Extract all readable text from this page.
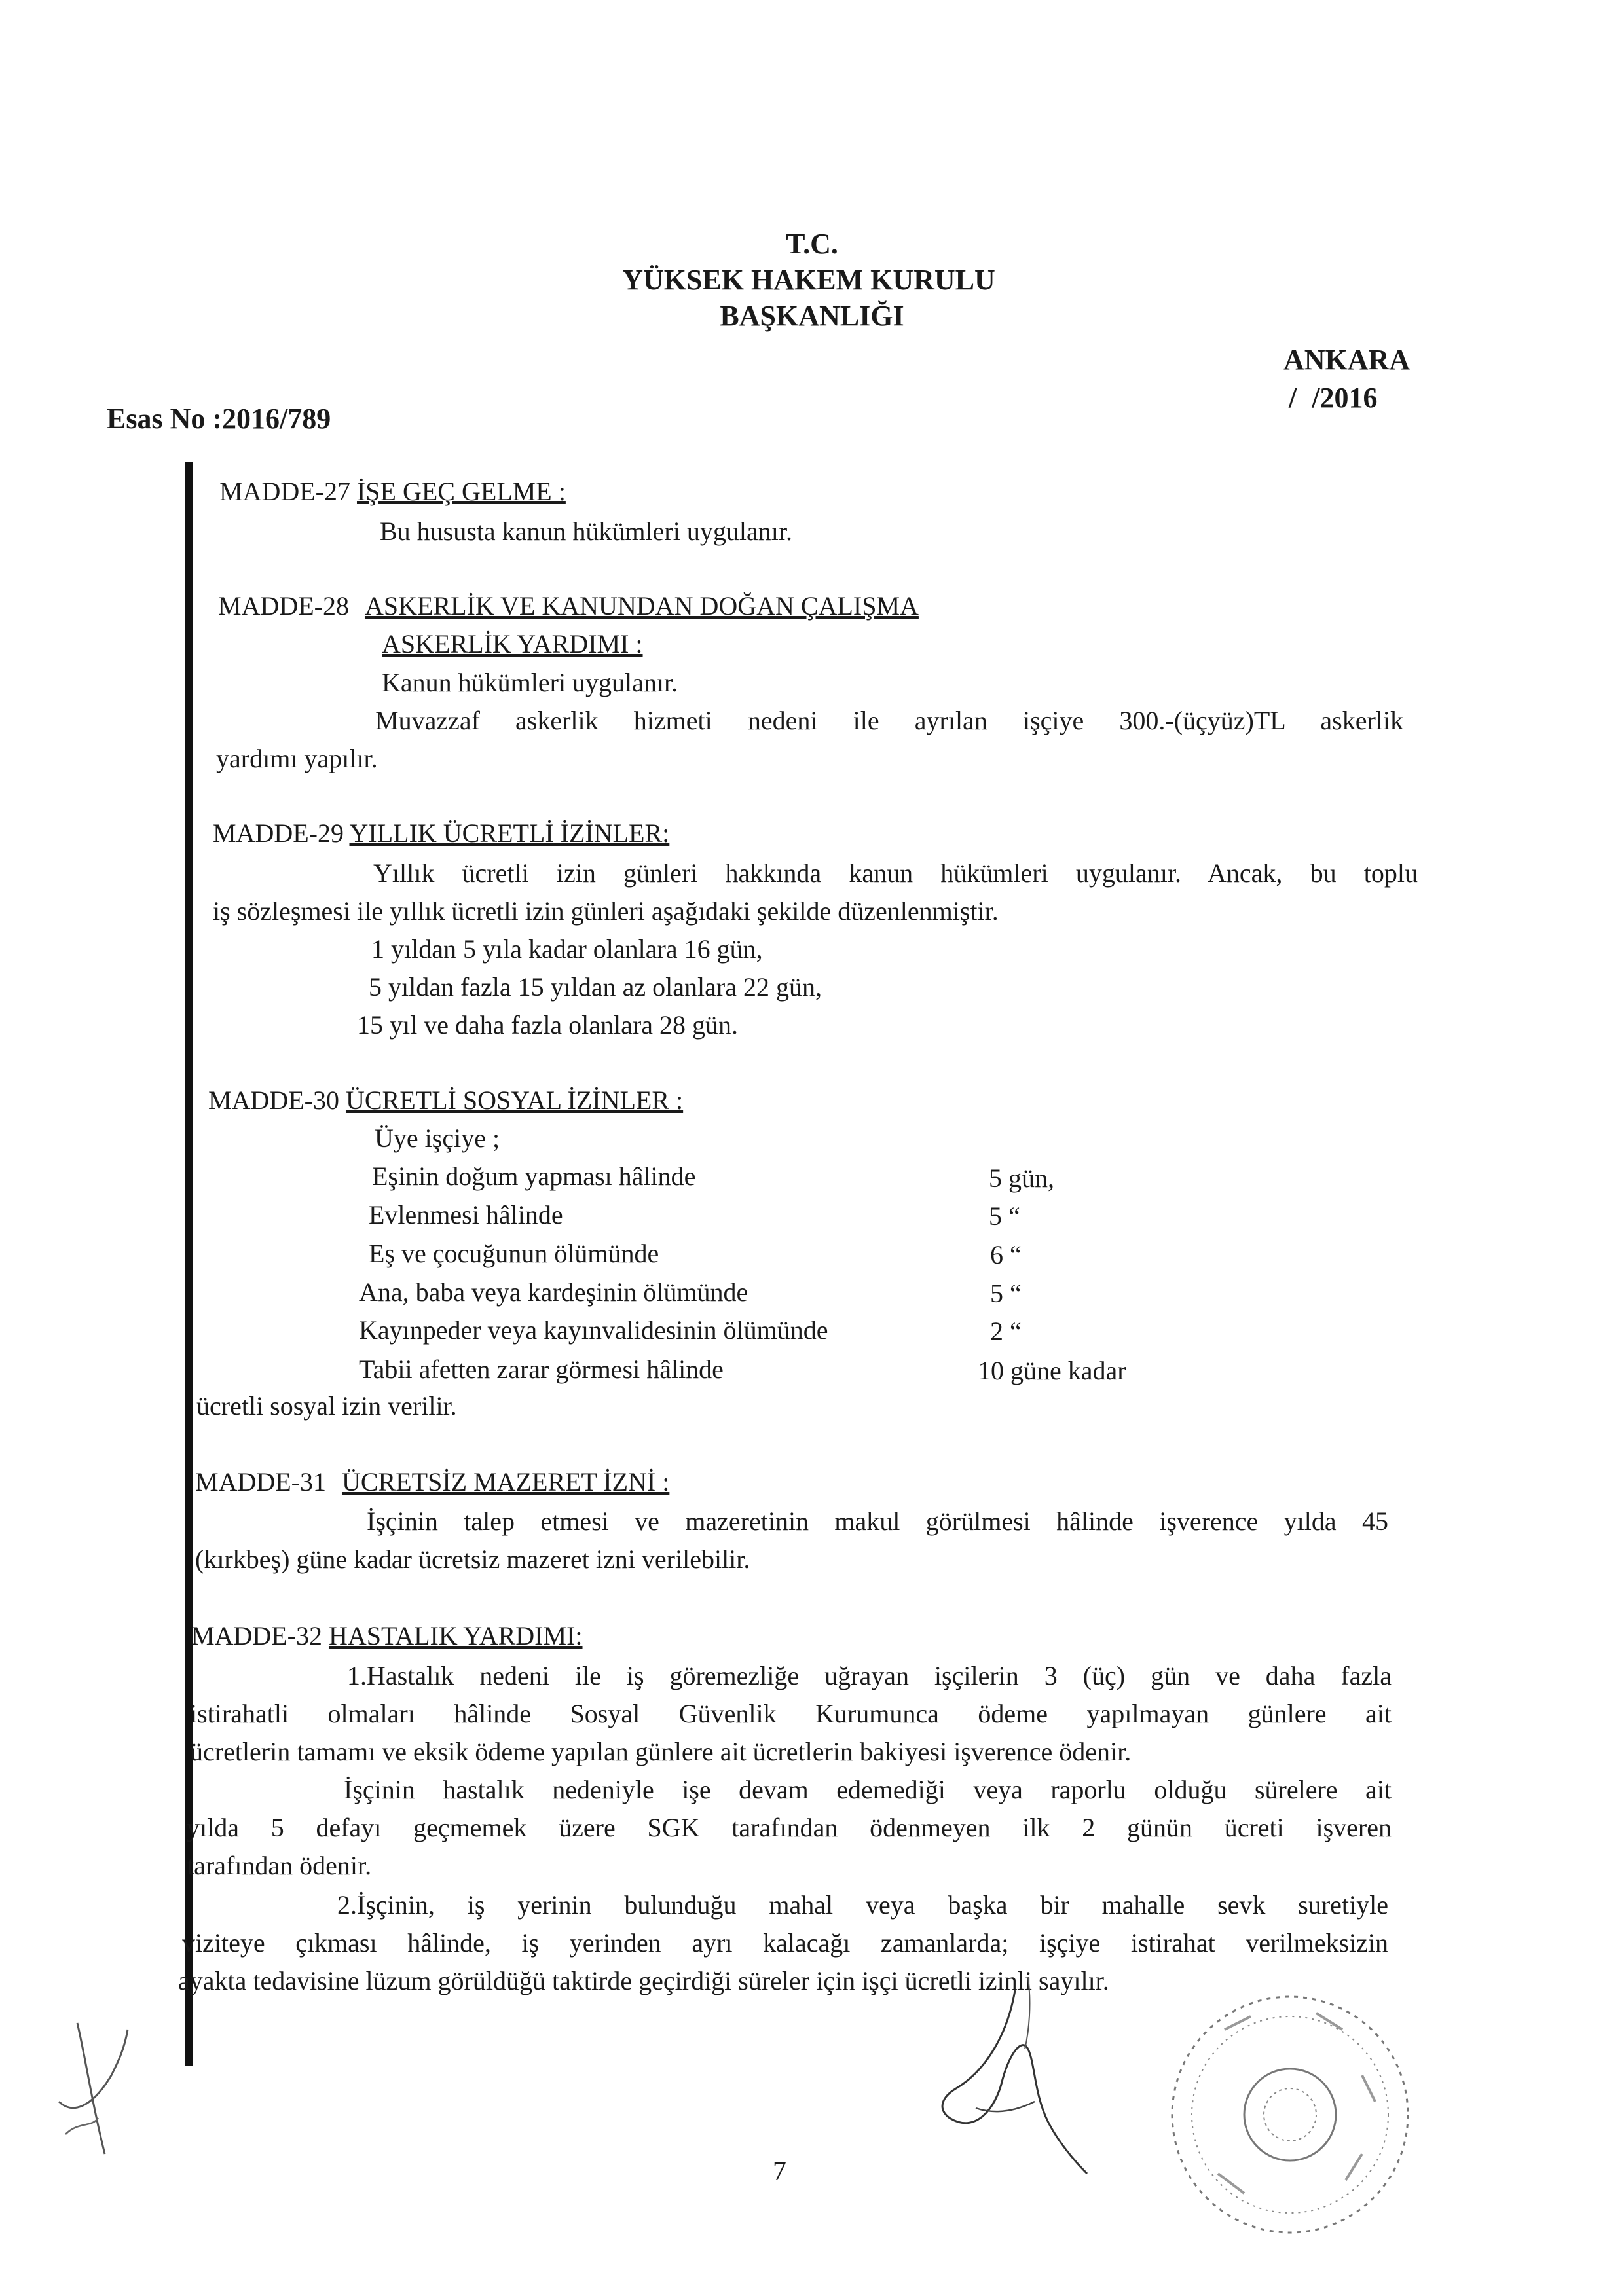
T.C.
YÜKSEK HAKEM KURULU
BAŞKANLIĞI
ANKARA
/ /2016
Esas No :2016/789
MADDE-27 İŞE GEÇ GELME :
Bu hususta kanun hükümleri uygulanır.
MADDE-28 ASKERLİK VE KANUNDAN DOĞAN ÇALIŞMA
ASKERLİK YARDIMI :
Kanun hükümleri uygulanır.
Muvazzaf askerlik hizmeti nedeni ile ayrılan işçiye 300.-(üçyüz)TL askerlik
yardımı yapılır.
MADDE-29 YILLIK ÜCRETLİ İZİNLER:
Yıllık ücretli izin günleri hakkında kanun hükümleri uygulanır. Ancak, bu toplu
iş sözleşmesi ile yıllık ücretli izin günleri aşağıdaki şekilde düzenlenmiştir.
1 yıldan 5 yıla kadar olanlara 16 gün,
5 yıldan fazla 15 yıldan az olanlara 22 gün,
15 yıl ve daha fazla olanlara 28 gün.
MADDE-30 ÜCRETLİ SOSYAL İZİNLER :
Üye işçiye ;
Eşinin doğum yapması hâlinde	5 gün,
Evlenmesi hâlinde	5 “
Eş ve çocuğunun ölümünde	6 “
Ana, baba veya kardeşinin ölümünde	5 “
Kayınpeder veya kayınvalidesinin ölümünde	2 “
Tabii afetten zarar görmesi hâlinde	10 güne kadar
ücretli sosyal izin verilir.
MADDE-31 ÜCRETSİZ MAZERET İZNİ :
İşçinin talep etmesi ve mazeretinin makul görülmesi hâlinde işverence yılda 45
(kırkbeş) güne kadar ücretsiz mazeret izni verilebilir.
MADDE-32 HASTALIK YARDIMI:
1.Hastalık nedeni ile iş göremezliğe uğrayan işçilerin 3 (üç) gün ve daha fazla
istirahatli olmaları hâlinde Sosyal Güvenlik Kurumunca ödeme yapılmayan günlere ait
ücretlerin tamamı ve eksik ödeme yapılan günlere ait ücretlerin bakiyesi işverence ödenir.
İşçinin hastalık nedeniyle işe devam edemediği veya raporlu olduğu sürelere ait
yılda 5 defayı geçmemek üzere SGK tarafından ödenmeyen ilk 2 günün ücreti işveren
tarafından ödenir.
2.İşçinin, iş yerinin bulunduğu mahal veya başka bir mahalle sevk suretiyle
viziteye çıkması hâlinde, iş yerinden ayrı kalacağı zamanlarda; işçiye istirahat verilmeksizin
ayakta tedavisine lüzum görüldüğü taktirde geçirdiği süreler için işçi ücretli izinli sayılır.
7
